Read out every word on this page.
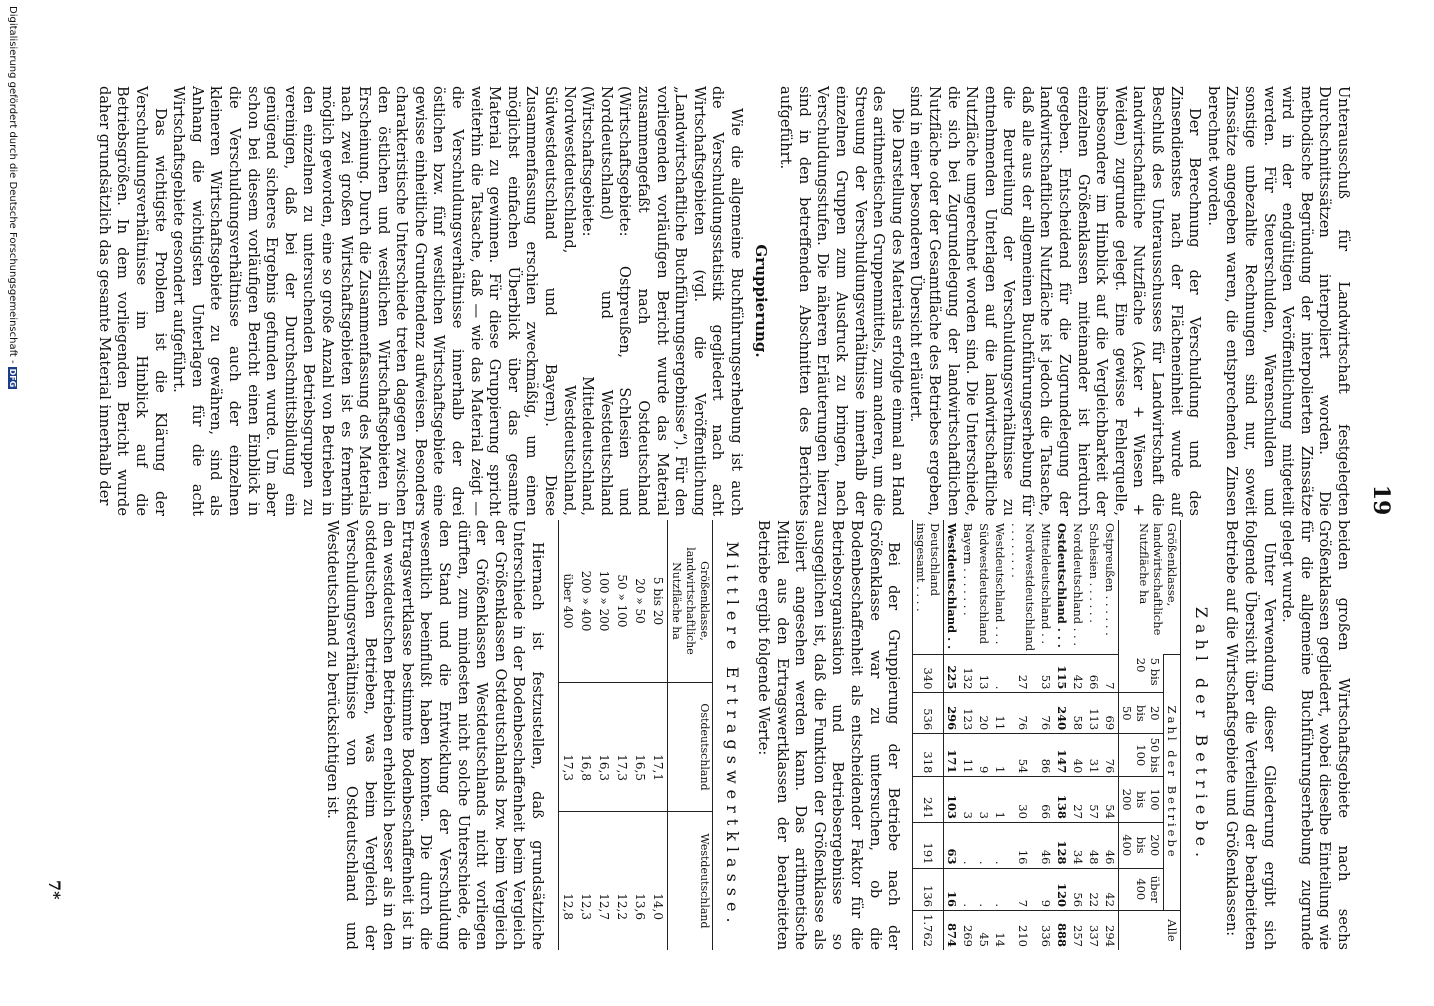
19

Unterausschuß für Landwirtschaft festgelegten Durchschnittssätzen interpoliert worden. Die methodische Begründung der interpolierten Zinssätze wird in der endgültigen Veröffentlichung mitgeteilt werden. Für Steuerschulden, Warenschulden und sonstige unbezahlte Rechnungen sind nur, soweit Zinssätze angegeben waren, die entsprechenden Zinsen berechnet worden.

Der Berechnung der Verschuldung und des Zinsendienstes nach der Flächeneinheit wurde auf Beschluß des Unterausschusses für Landwirtschaft die landwirtschaftliche Nutzfläche (Acker + Wiesen + Weiden) zugrunde gelegt. Eine gewisse Fehlerquelle, insbesondere im Hinblick auf die Vergleichbarkeit der einzelnen Größenklassen miteinander ist hierdurch gegeben. Entscheidend für die Zugrundelegung der landwirtschaftlichen Nutzfläche ist jedoch die Tatsache, daß alle aus der allgemeinen Buchführungserhebung für die Beurteilung der Verschuldungsverhältnisse zu entnehmenden Unterlagen auf die landwirtschaftliche Nutzfläche umgerechnet worden sind. Die Unterschiede, die sich bei Zugrundelegung der landwirtschaftlichen Nutzfläche oder der Gesamtfläche des Betriebes ergeben, sind in einer besonderen Übersicht erläutert.

Die Darstellung des Materials erfolgte einmal an Hand des arithmetischen Gruppenmittels, zum anderen, um die Streuung der Verschuldungsverhältnisse innerhalb der einzelnen Gruppen zum Ausdruck zu bringen, nach Verschuldungsstufen. Die näheren Erläuterungen hierzu sind in den betreffenden Abschnitten des Berichtes aufgeführt.

Gruppierung.

Wie die allgemeine Buchführungserhebung ist auch die Verschuldungsstatistik gegliedert nach acht Wirtschaftsgebieten (vgl. die Veröffentlichung „Landwirtschaftliche Buchführungsergebnisse“). Für den vorliegenden vorläufigen Bericht wurde das Material zusammengefaßt nach Ostdeutschland (Wirtschaftsgebiete: Ostpreußen, Schlesien und Norddeutschland) und Westdeutschland (Wirtschaftsgebiete: Mitteldeutschland, Nordwestdeutschland, Westdeutschland, Südwestdeutschland und Bayern). Diese Zusammenfassung erschien zweckmäßig, um einen möglichst einfachen Überblick über das gesamte Material zu gewinnen. Für diese Gruppierung spricht weiterhin die Tatsache, daß — wie das Material zeigt — die Verschuldungsverhältnisse innerhalb der drei östlichen bzw. fünf westlichen Wirtschaftsgebiete eine gewisse einheitliche Grundtendenz aufweisen. Besonders charakteristische Unterschiede treten dagegen zwischen den östlichen und westlichen Wirtschaftsgebieten in Erscheinung. Durch die Zusammenfassung des Materials nach zwei großen Wirtschaftsgebieten ist es fernerhin möglich geworden, eine so große Anzahl von Betrieben in den einzelnen zu untersuchenden Betriebsgruppen zu vereinigen, daß bei der Durchschnittsbildung ein genügend sicheres Ergebnis gefunden wurde. Um aber schon bei diesem vorläufigen Bericht einen Einblick in die Verschuldungsverhältnisse auch der einzelnen kleineren Wirtschaftsgebiete zu gewähren, sind als Anhang die wichtigsten Unterlagen für die acht Wirtschaftsgebiete gesondert aufgeführt.

Das wichtigste Problem ist die Klärung der Verschuldungsverhältnisse im Hinblick auf die Betriebsgrößen. In dem vorliegenden Bericht wurde daher grundsätzlich das gesamte Material innerhalb der

beiden großen Wirtschaftsgebiete nach sechs Größenklassen gegliedert, wobei dieselbe Einteilung wie für die allgemeine Buchführungserhebung zugrunde gelegt wurde.

Unter Verwendung dieser Gliederung ergibt sich folgende Übersicht über die Verteilung der bearbeiteten Betriebe auf die Wirtschaftsgebiete und Größenklassen:

Zahl der Betriebe.
Größenklasse, landwirtschaftliche Nutzfläche ha	Zahl der Betriebe						Alle
	5 bis 20	20 bis 50	50 bis 100	100 bis 200	200 bis 400	über 400	
Ostpreußen . . . . . .	7	69	76	54	46	42	294
Schlesien . . . . . .	66	113	31	57	48	22	337
Norddeutschland . . .	42	58	40	27	34	56	257
Ostdeutschland . . .	115	240	147	138	128	120	888
Mitteldeutschland . .	53	76	86	66	46	9	336
Nordwestdeutschland . . . . . . . .	27	76	54	30	16	7	210
Westdeutschland . . .	.	11	1	1	.	.	14
Südwestdeutschland	13	20	9	3	.	.	45
Bayern . . . . . . .	132	123	11	3	.	.	269
Westdeutschland . .	225	296	171	103	63	16	874
Deutschland insgesamt . . . .	340	536	318	241	191	136	1.762

Bei der Gruppierung der Betriebe nach der Größenklasse war zu untersuchen, ob die Bodenbeschaffenheit als entscheidender Faktor für die Betriebsorganisation und Betriebsergebnisse so ausgeglichen ist, daß die Funktion der Größenklasse als isoliert angesehen werden kann. Das arithmetische Mittel aus den Ertragswertklassen der bearbeiteten Betriebe ergibt folgende Werte:

Mittlere Ertragswertklasse.
Größenklasse, landwirtschaftliche Nutzfläche ha	Ostdeutschland	Westdeutschland
5 bis 20	17,1	14,0
20 » 50	16,5	13,6
50 » 100	17,3	12,2
100 » 200	16,3	12,7
200 » 400	16,8	12,3
über 400	17,3	12,8

Hiernach ist festzustellen, daß grundsätzliche Unterschiede in der Bodenbeschaffenheit beim Vergleich der Größenklassen Ostdeutschlands bzw. beim Vergleich der Größenklassen Westdeutschlands nicht vorliegen dürften, zum mindesten nicht solche Unterschiede, die den Stand und die Entwicklung der Verschuldung wesentlich beeinflußt haben konnten. Die durch die Ertragswertklasse bestimmte Bodenbeschaffenheit ist in den westdeutschen Betrieben erheblich besser als in den ostdeutschen Betrieben, was beim Vergleich der Verschuldungsverhältnisse von Ostdeutschland und Westdeutschland zu berücksichtigen ist.

7*
Digitalisierung gefördert durch die Deutsche Forschungsgemeinschaft -DFG
